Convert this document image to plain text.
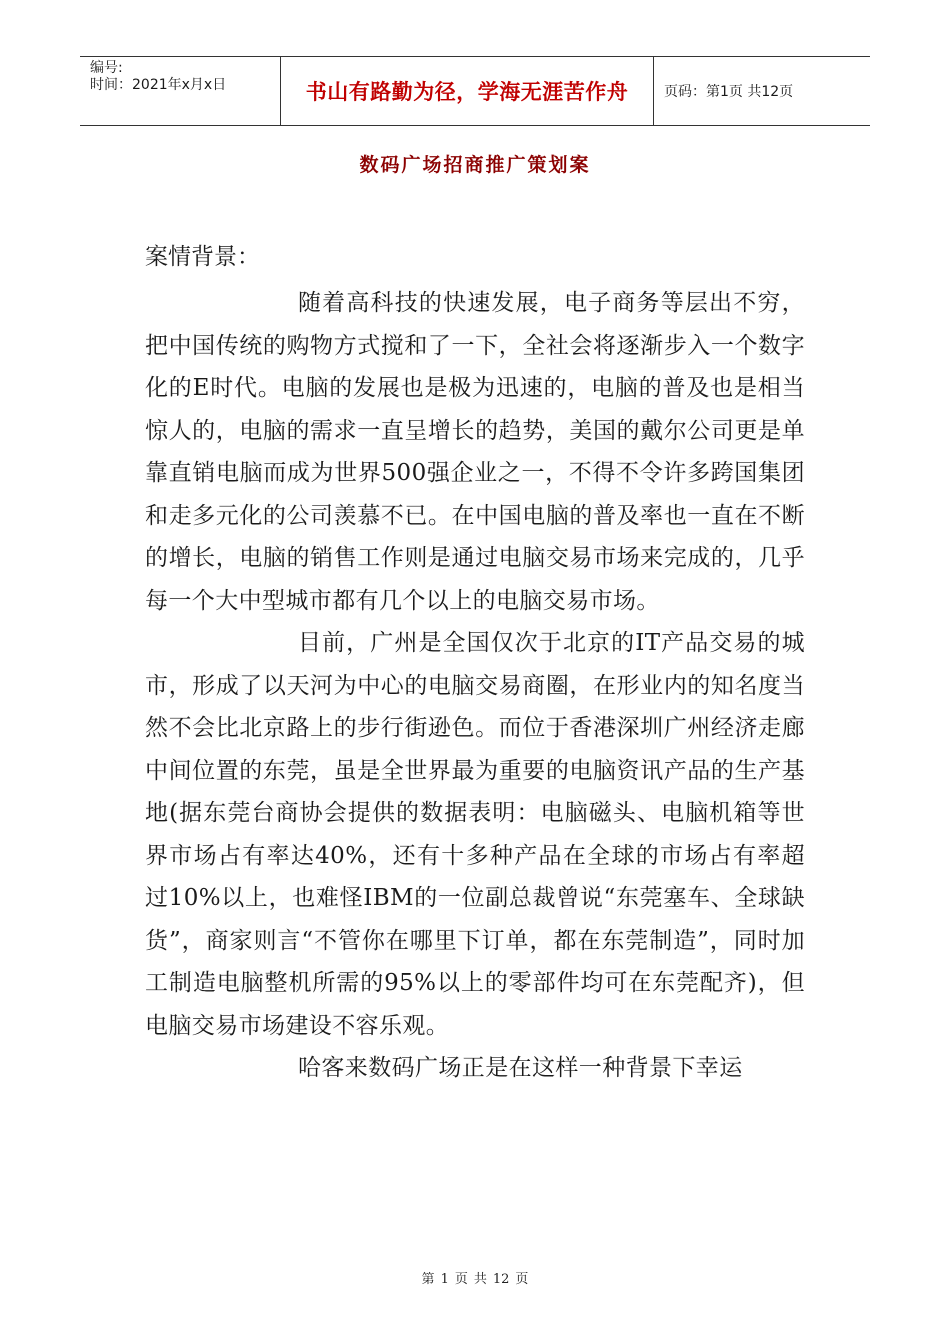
编号:
时间：2021年x月x日	书山有路勤为径，学海无涯苦作舟	页码：第1页 共12页
数码广场招商推广策划案
案情背景：

随着高科技的快速发展，电子商务等层出不穷，把中国传统的购物方式搅和了一下，全社会将逐渐步入一个数字化的E时代。电脑的发展也是极为迅速的，电脑的普及也是相当惊人的，电脑的需求一直呈增长的趋势，美国的戴尔公司更是单靠直销电脑而成为世界500强企业之一，不得不令许多跨国集团和走多元化的公司羡慕不已。在中国电脑的普及率也一直在不断的增长，电脑的销售工作则是通过电脑交易市场来完成的，几乎每一个大中型城市都有几个以上的电脑交易市场。

目前，广州是全国仅次于北京的IT产品交易的城市，形成了以天河为中心的电脑交易商圈，在形业内的知名度当然不会比北京路上的步行街逊色。而位于香港深圳广州经济走廊中间位置的东莞，虽是全世界最为重要的电脑资讯产品的生产基地(据东莞台商协会提供的数据表明：电脑磁头、电脑机箱等世界市场占有率达40%，还有十多种产品在全球的市场占有率超过10%以上，也难怪IBM的一位副总裁曾说“东莞塞车、全球缺货”，商家则言“不管你在哪里下订单，都在东莞制造”，同时加工制造电脑整机所需的95%以上的零部件均可在东莞配齐)，但电脑交易市场建设不容乐观。

哈客来数码广场正是在这样一种背景下幸运

第 1 页 共 12 页
